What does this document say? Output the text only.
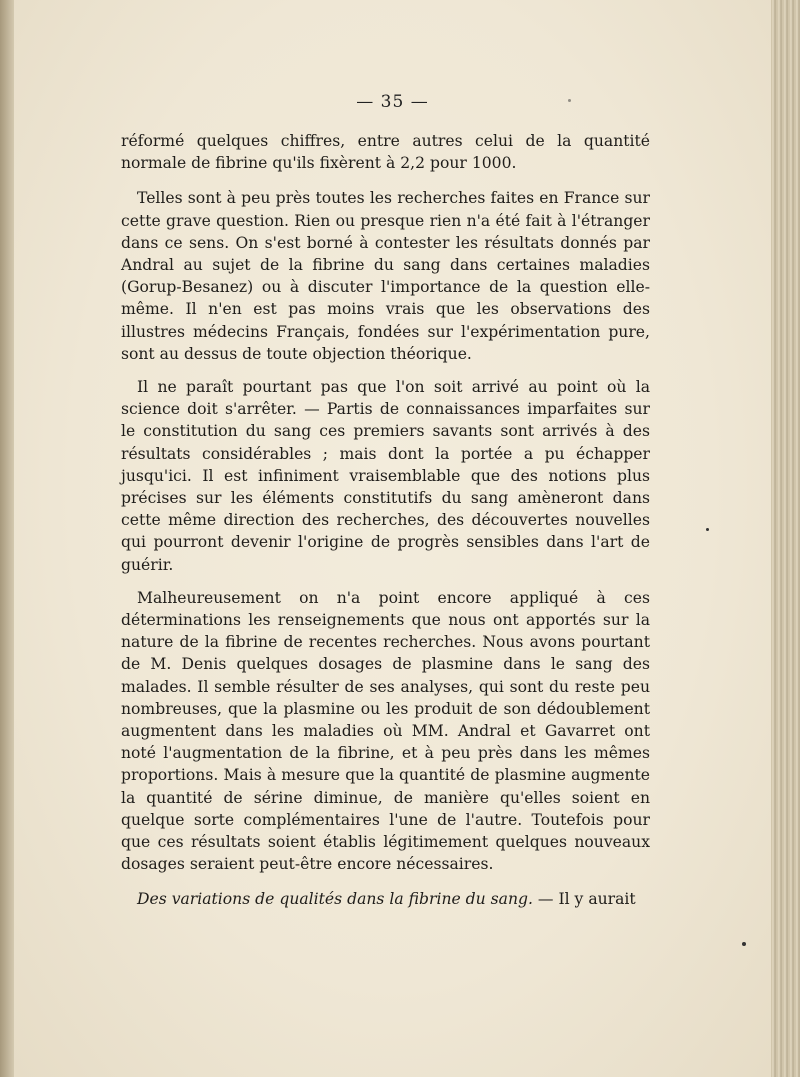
— 35 —

réformé quelques chiffres, entre autres celui de la quantité normale de fibrine qu'ils fixèrent à 2,2 pour 1000.

Telles sont à peu près toutes les recherches faites en France sur cette grave question. Rien ou presque rien n'a été fait à l'étranger dans ce sens. On s'est borné à contester les résultats donnés par Andral au sujet de la fibrine du sang dans certaines maladies (Gorup-Besanez) ou à discuter l'importance de la question elle-même. Il n'en est pas moins vrais que les observations des illustres médecins Français, fondées sur l'expérimentation pure, sont au dessus de toute objection théorique.

Il ne paraît pourtant pas que l'on soit arrivé au point où la science doit s'arrêter. — Partis de connaissances imparfaites sur le constitution du sang ces premiers savants sont arrivés à des résultats considérables ; mais dont la portée a pu échapper jusqu'ici. Il est infiniment vraisemblable que des notions plus précises sur les éléments constitutifs du sang amèneront dans cette même direction des recherches, des découvertes nouvelles qui pourront devenir l'origine de progrès sensibles dans l'art de guérir.

Malheureusement on n'a point encore appliqué à ces déterminations les renseignements que nous ont apportés sur la nature de la fibrine de recentes recherches. Nous avons pourtant de M. Denis quelques dosages de plasmine dans le sang des malades. Il semble résulter de ses analyses, qui sont du reste peu nombreuses, que la plasmine ou les produit de son dédoublement augmentent dans les maladies où MM. Andral et Gavarret ont noté l'augmentation de la fibrine, et à peu près dans les mêmes proportions. Mais à mesure que la quantité de plasmine augmente la quantité de sérine diminue, de manière qu'elles soient en quelque sorte complémentaires l'une de l'autre. Toutefois pour que ces résultats soient établis légitimement quelques nouveaux dosages seraient peut-être encore nécessaires.

Des variations de qualités dans la fibrine du sang. — Il y aurait
